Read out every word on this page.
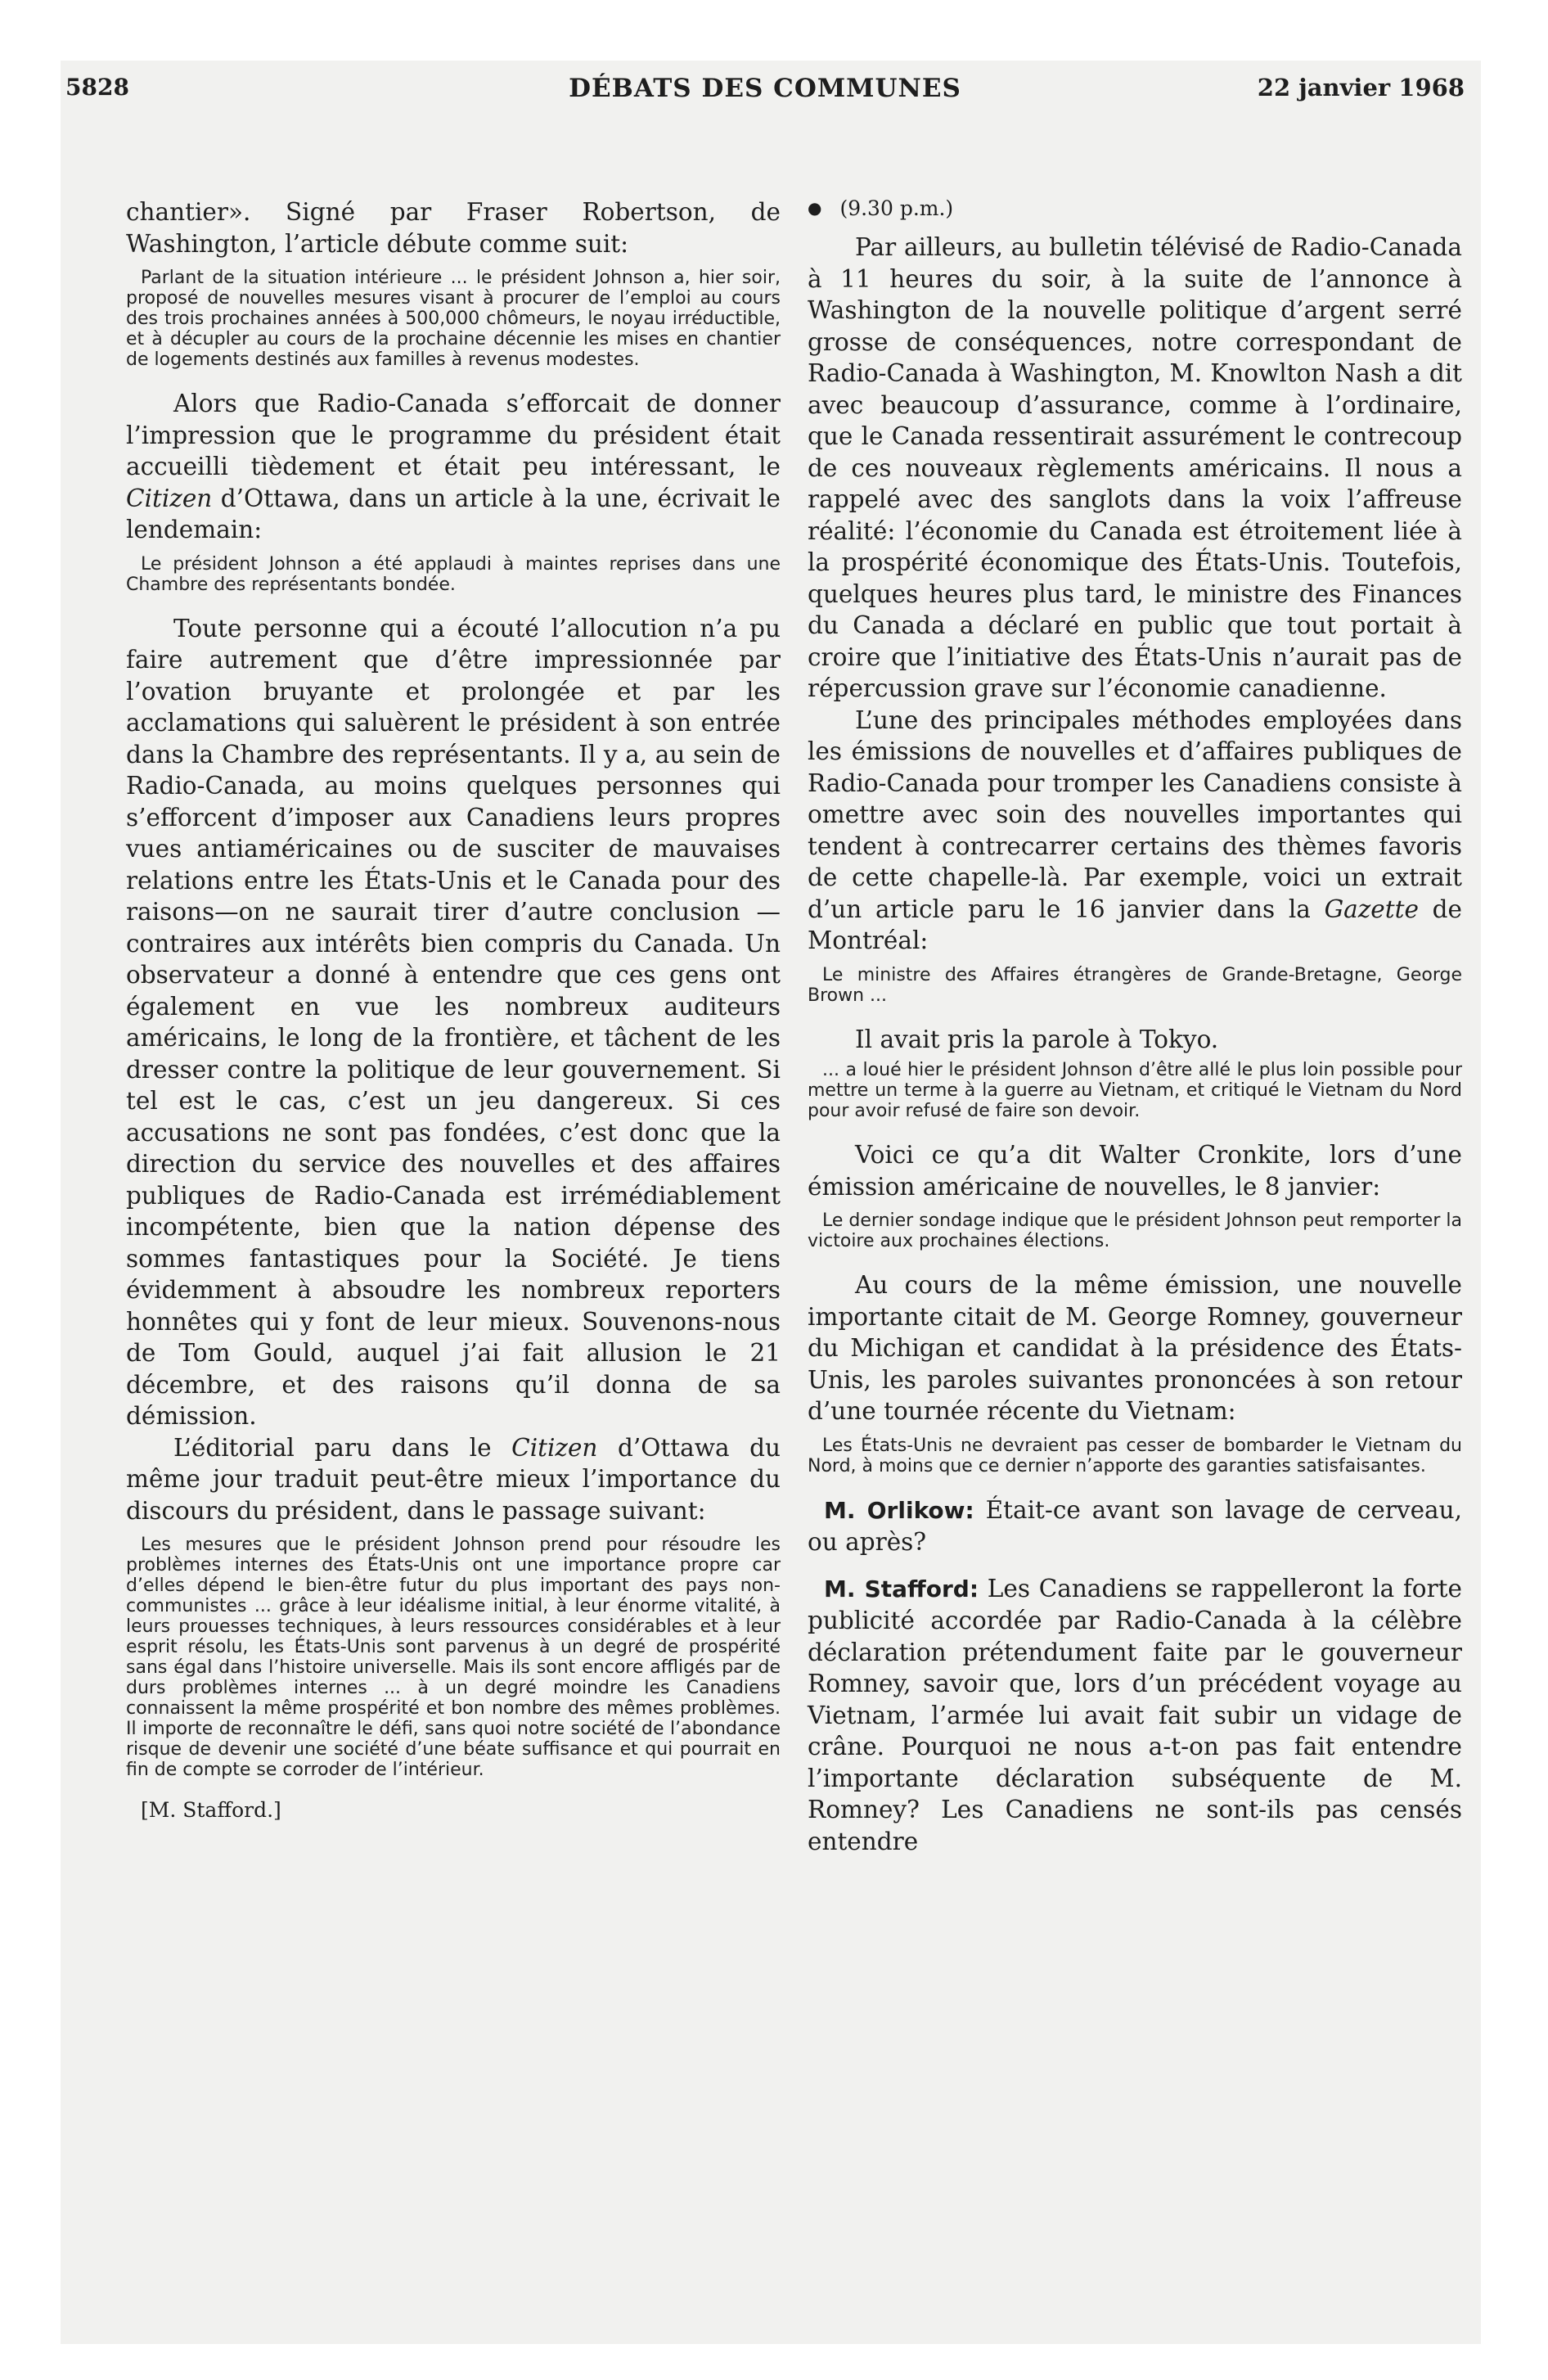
5828	DÉBATS DES COMMUNES	22 janvier 1968

chantier». Signé par Fraser Robertson, de Washington, l’article débute comme suit:

Parlant de la situation intérieure ... le président Johnson a, hier soir, proposé de nouvelles mesures visant à procurer de l’emploi au cours des trois prochaines années à 500,000 chômeurs, le noyau irréductible, et à décupler au cours de la prochaine décennie les mises en chantier de logements destinés aux familles à revenus modestes.

Alors que Radio-Canada s’efforcait de donner l’impression que le programme du président était accueilli tièdement et était peu intéressant, le Citizen d’Ottawa, dans un article à la une, écrivait le lendemain:

Le président Johnson a été applaudi à maintes reprises dans une Chambre des représentants bondée.

Toute personne qui a écouté l’allocution n’a pu faire autrement que d’être impressionnée par l’ovation bruyante et prolongée et par les acclamations qui saluèrent le président à son entrée dans la Chambre des représentants. Il y a, au sein de Radio-Canada, au moins quelques personnes qui s’efforcent d’imposer aux Canadiens leurs propres vues antiaméricaines ou de susciter de mauvaises relations entre les États-Unis et le Canada pour des raisons—on ne saurait tirer d’autre conclusion —contraires aux intérêts bien compris du Canada. Un observateur a donné à entendre que ces gens ont également en vue les nombreux auditeurs américains, le long de la frontière, et tâchent de les dresser contre la politique de leur gouvernement. Si tel est le cas, c’est un jeu dangereux. Si ces accusations ne sont pas fondées, c’est donc que la direction du service des nouvelles et des affaires publiques de Radio-Canada est irrémédiablement incompétente, bien que la nation dépense des sommes fantastiques pour la Société. Je tiens évidemment à absoudre les nombreux reporters honnêtes qui y font de leur mieux. Souvenons-nous de Tom Gould, auquel j’ai fait allusion le 21 décembre, et des raisons qu’il donna de sa démission.

L’éditorial paru dans le Citizen d’Ottawa du même jour traduit peut-être mieux l’importance du discours du président, dans le passage suivant:

Les mesures que le président Johnson prend pour résoudre les problèmes internes des États-Unis ont une importance propre car d’elles dépend le bien-être futur du plus important des pays non-communistes ... grâce à leur idéalisme initial, à leur énorme vitalité, à leurs prouesses techniques, à leurs ressources considérables et à leur esprit résolu, les États-Unis sont parvenus à un degré de prospérité sans égal dans l’histoire universelle. Mais ils sont encore affligés par de durs problèmes internes ... à un degré moindre les Canadiens connaissent la même prospérité et bon nombre des mêmes problèmes. Il importe de reconnaître le défi, sans quoi notre société de l’abondance risque de devenir une société d’une béate suffisance et qui pourrait en fin de compte se corroder de l’intérieur.

[M. Stafford.]

● (9.30 p.m.)

Par ailleurs, au bulletin télévisé de Radio-Canada à 11 heures du soir, à la suite de l’annonce à Washington de la nouvelle politique d’argent serré grosse de conséquences, notre correspondant de Radio-Canada à Washington, M. Knowlton Nash a dit avec beaucoup d’assurance, comme à l’ordinaire, que le Canada ressentirait assurément le contrecoup de ces nouveaux règlements américains. Il nous a rappelé avec des sanglots dans la voix l’affreuse réalité: l’économie du Canada est étroitement liée à la prospérité économique des États-Unis. Toutefois, quelques heures plus tard, le ministre des Finances du Canada a déclaré en public que tout portait à croire que l’initiative des États-Unis n’aurait pas de répercussion grave sur l’économie canadienne.

L’une des principales méthodes employées dans les émissions de nouvelles et d’affaires publiques de Radio-Canada pour tromper les Canadiens consiste à omettre avec soin des nouvelles importantes qui tendent à contrecarrer certains des thèmes favoris de cette chapelle-là. Par exemple, voici un extrait d’un article paru le 16 janvier dans la Gazette de Montréal:

Le ministre des Affaires étrangères de Grande-Bretagne, George Brown ...

Il avait pris la parole à Tokyo.

... a loué hier le président Johnson d’être allé le plus loin possible pour mettre un terme à la guerre au Vietnam, et critiqué le Vietnam du Nord pour avoir refusé de faire son devoir.

Voici ce qu’a dit Walter Cronkite, lors d’une émission américaine de nouvelles, le 8 janvier:

Le dernier sondage indique que le président Johnson peut remporter la victoire aux prochaines élections.

Au cours de la même émission, une nouvelle importante citait de M. George Romney, gouverneur du Michigan et candidat à la présidence des États-Unis, les paroles suivantes prononcées à son retour d’une tournée récente du Vietnam:

Les États-Unis ne devraient pas cesser de bombarder le Vietnam du Nord, à moins que ce dernier n’apporte des garanties satisfaisantes.

M. Orlikow: Était-ce avant son lavage de cerveau, ou après?

M. Stafford: Les Canadiens se rappelleront la forte publicité accordée par Radio-Canada à la célèbre déclaration prétendument faite par le gouverneur Romney, savoir que, lors d’un précédent voyage au Vietnam, l’armée lui avait fait subir un vidage de crâne. Pourquoi ne nous a-t-on pas fait entendre l’importante déclaration subséquente de M. Romney? Les Canadiens ne sont-ils pas censés entendre
